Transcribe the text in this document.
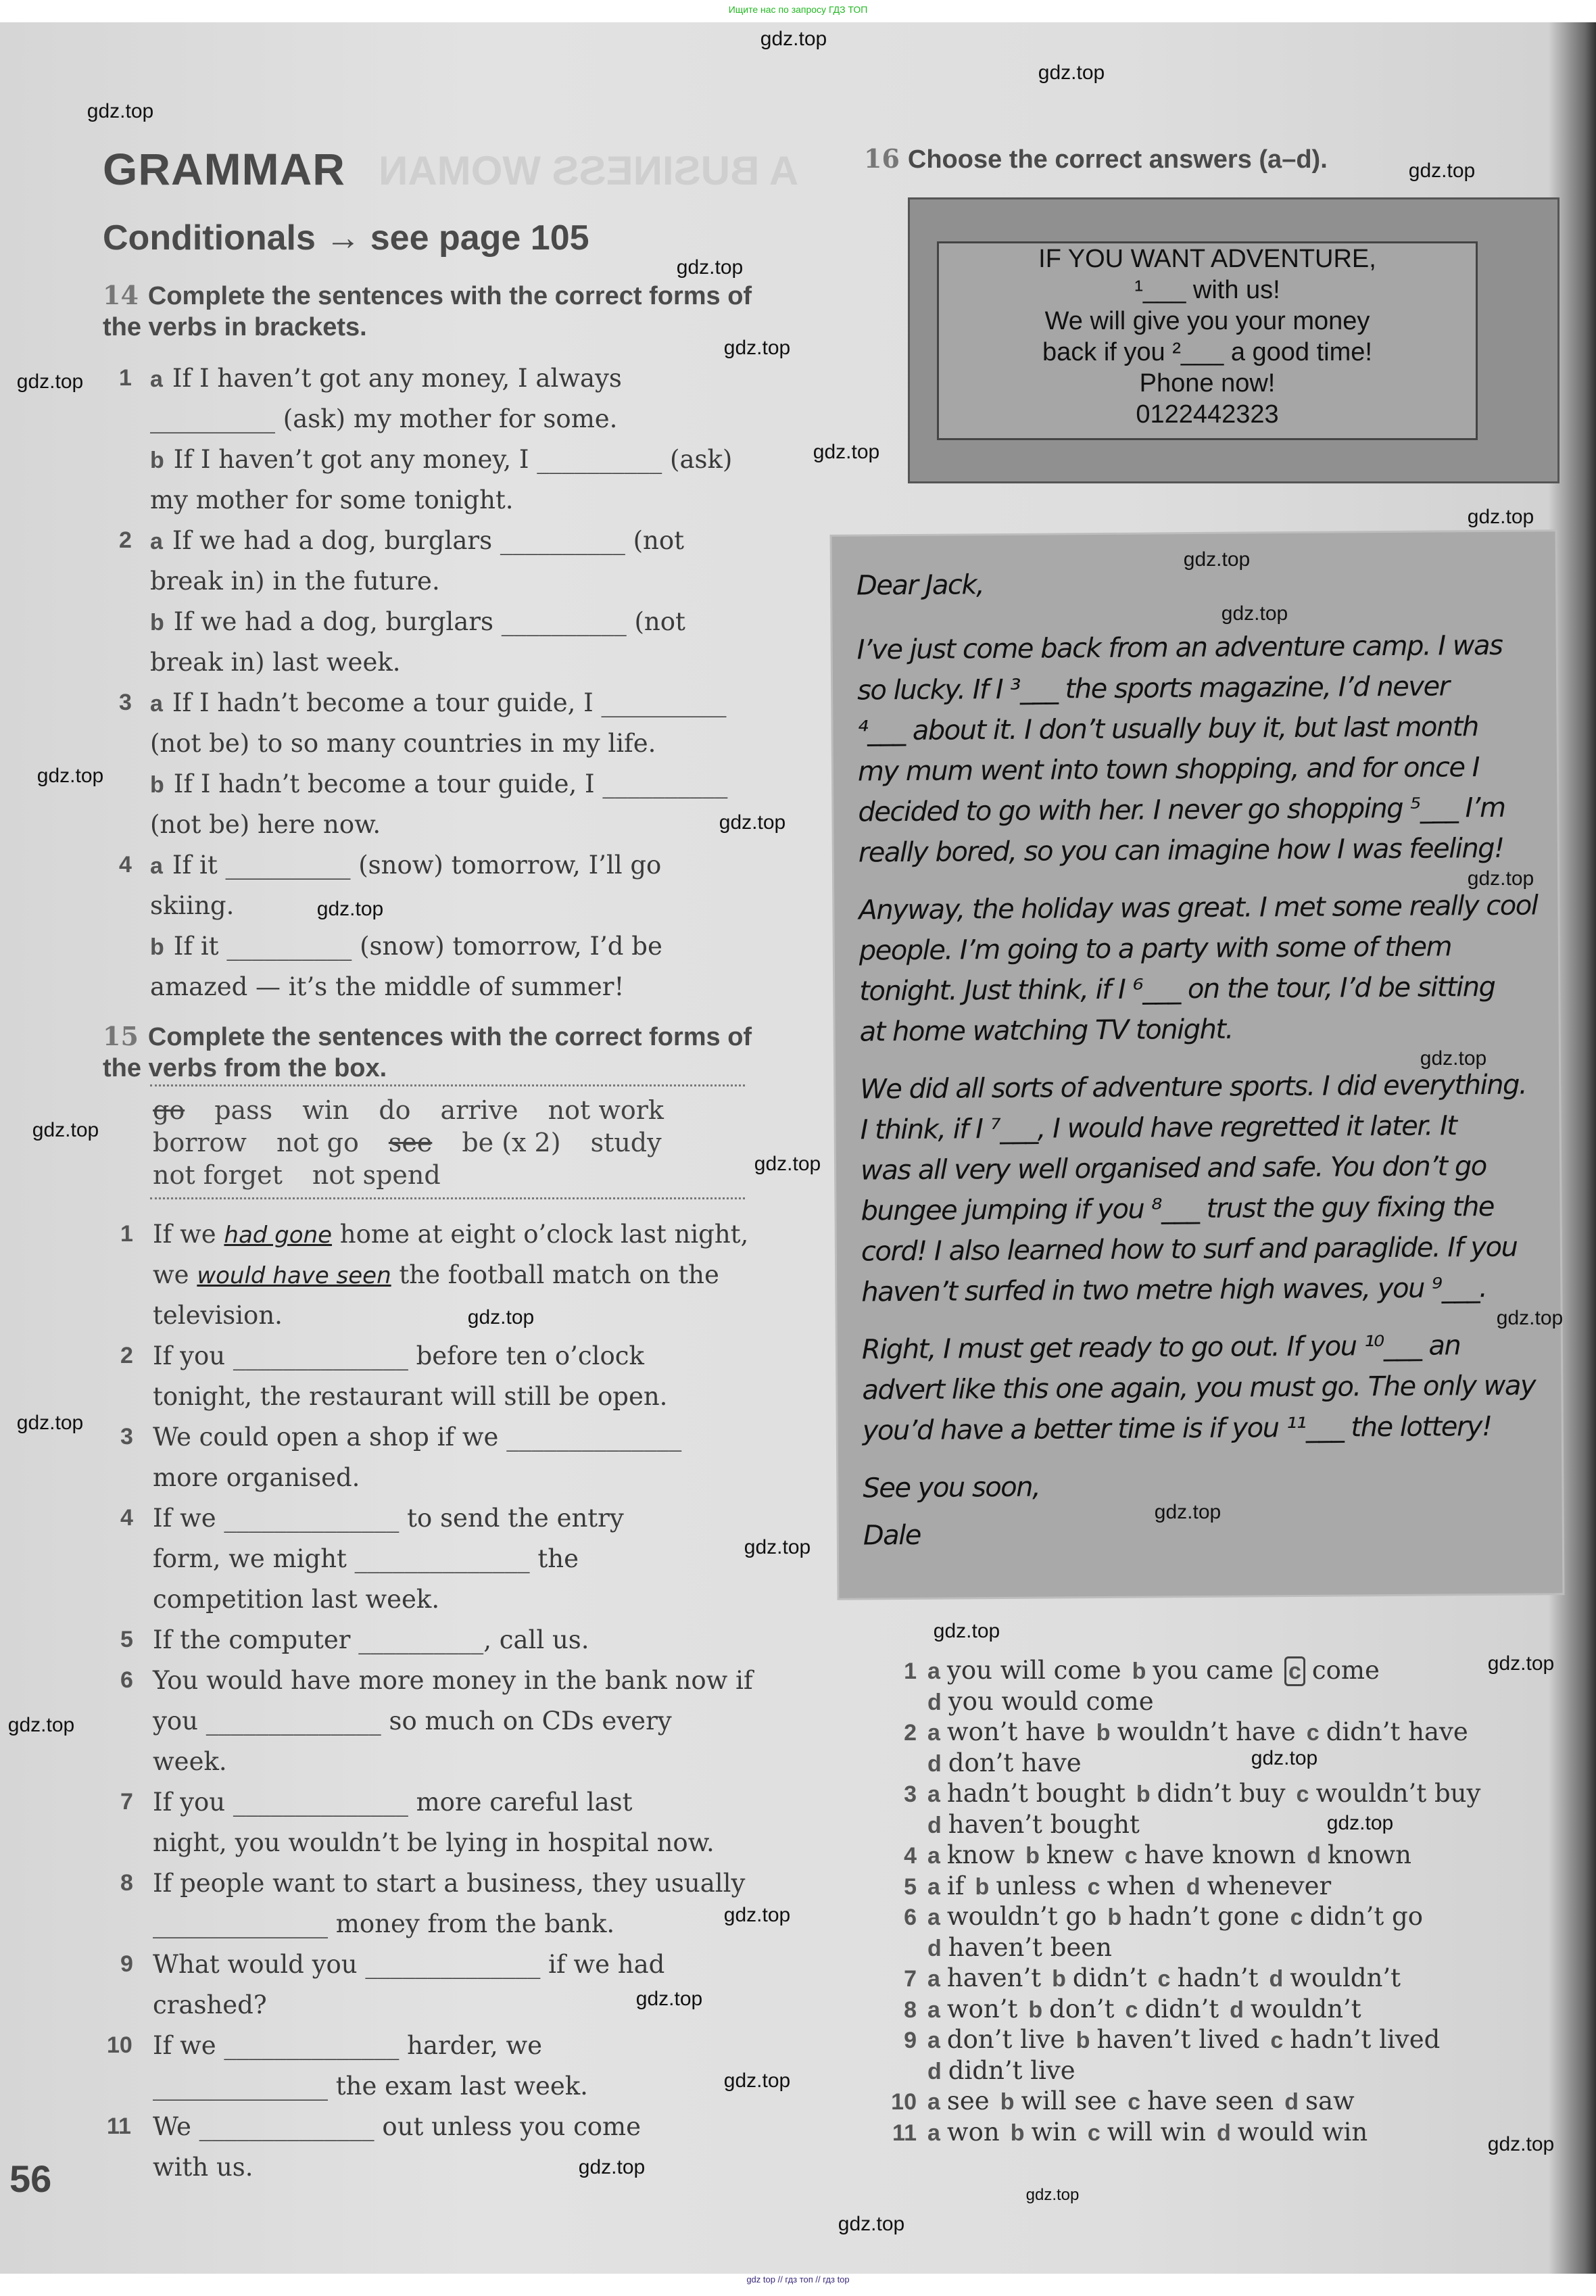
Ищите нас по запросу ГДЗ ТОП
A BUSINESS WOMAN
GRAMMAR
Conditionals → see page 105
14 Complete the sentences with the correct forms of the verbs in brackets.
1 a If I haven’t got any money, I always
__________ (ask) my mother for some.
b If I haven’t got any money, I __________ (ask)
my mother for some tonight.
2 a If we had a dog, burglars __________ (not
break in) in the future.
b If we had a dog, burglars __________ (not
break in) last week.
3 a If I hadn’t become a tour guide, I __________
(not be) to so many countries in my life.
b If I hadn’t become a tour guide, I __________
(not be) here now.
4 a If it __________ (snow) tomorrow, I’ll go
skiing.
b If it __________ (snow) tomorrow, I’d be
amazed — it’s the middle of summer!
15 Complete the sentences with the correct forms of the verbs from the box.
go pass win do arrive not work
borrow not go see be (x 2) study
not forget not spend
1 If we had gone home at eight o’clock last night,
we would have seen the football match on the
television.
2 If you ______________ before ten o’clock
tonight, the restaurant will still be open.
3 We could open a shop if we ______________
more organised.
4 If we ______________ to send the entry
form, we might ______________ the
competition last week.
5 If the computer __________, call us.
6 You would have more money in the bank now if
you ______________ so much on CDs every
week.
7 If you ______________ more careful last
night, you wouldn’t be lying in hospital now.
8 If people want to start a business, they usually
______________ money from the bank.
9 What would you ______________ if we had
crashed?
10 If we ______________ harder, we
______________ the exam last week.
11 We ______________ out unless you come
with us.
56
16 Choose the correct answers (a–d).
IF YOU WANT ADVENTURE,
¹___ with us!
We will give you your money
back if you ²___ a good time!
Phone now!
0122442323
Dear Jack,
I’ve just come back from an adventure camp. I was
so lucky. If I ³___ the sports magazine, I’d never
⁴___ about it. I don’t usually buy it, but last month
my mum went into town shopping, and for once I
decided to go with her. I never go shopping ⁵___ I’m
really bored, so you can imagine how I was feeling!
Anyway, the holiday was great. I met some really cool
people. I’m going to a party with some of them
tonight. Just think, if I ⁶___ on the tour, I’d be sitting
at home watching TV tonight.
We did all sorts of adventure sports. I did everything.
I think, if I ⁷___, I would have regretted it later. It
was all very well organised and safe. You don’t go
bungee jumping if you ⁸___ trust the guy fixing the
cord! I also learned how to surf and paraglide. If you
haven’t surfed in two metre high waves, you ⁹___.
Right, I must get ready to go out. If you ¹⁰___ an
advert like this one again, you must go. The only way
you’d have a better time is if you ¹¹___ the lottery!
See you soon,
Dale
1 a you will come b you came c come
d you would come
2 a won’t have b wouldn’t have c didn’t have
d don’t have
3 a hadn’t bought b didn’t buy c wouldn’t buy
d haven’t bought
4 a know b knew c have known d known
5 a if b unless c when d whenever
6 a wouldn’t go b hadn’t gone c didn’t go
d haven’t been
7 a haven’t b didn’t c hadn’t d wouldn’t
8 a won’t b don’t c didn’t d wouldn’t
9 a don’t live b haven’t lived c hadn’t lived
d didn’t live
10 a see b will see c have seen d saw
11 a won b win c will win d would win
gdz.top
gdz.top
gdz.top
gdz.top
gdz.top
gdz.top
gdz.top
gdz.top
gdz.top
gdz.top
gdz.top
gdz.top
gdz.top
gdz.top
gdz.top
gdz.top
gdz.top
gdz.top
gdz.top
gdz.top
gdz.top
gdz.top
gdz.top
gdz.top
gdz.top
gdz.top
gdz.top
gdz.top
gdz.top
gdz.top
gdz.top
gdz.top
gdz.top
gdz.top
gdz.top
gdz top // гдз топ // гдз top
